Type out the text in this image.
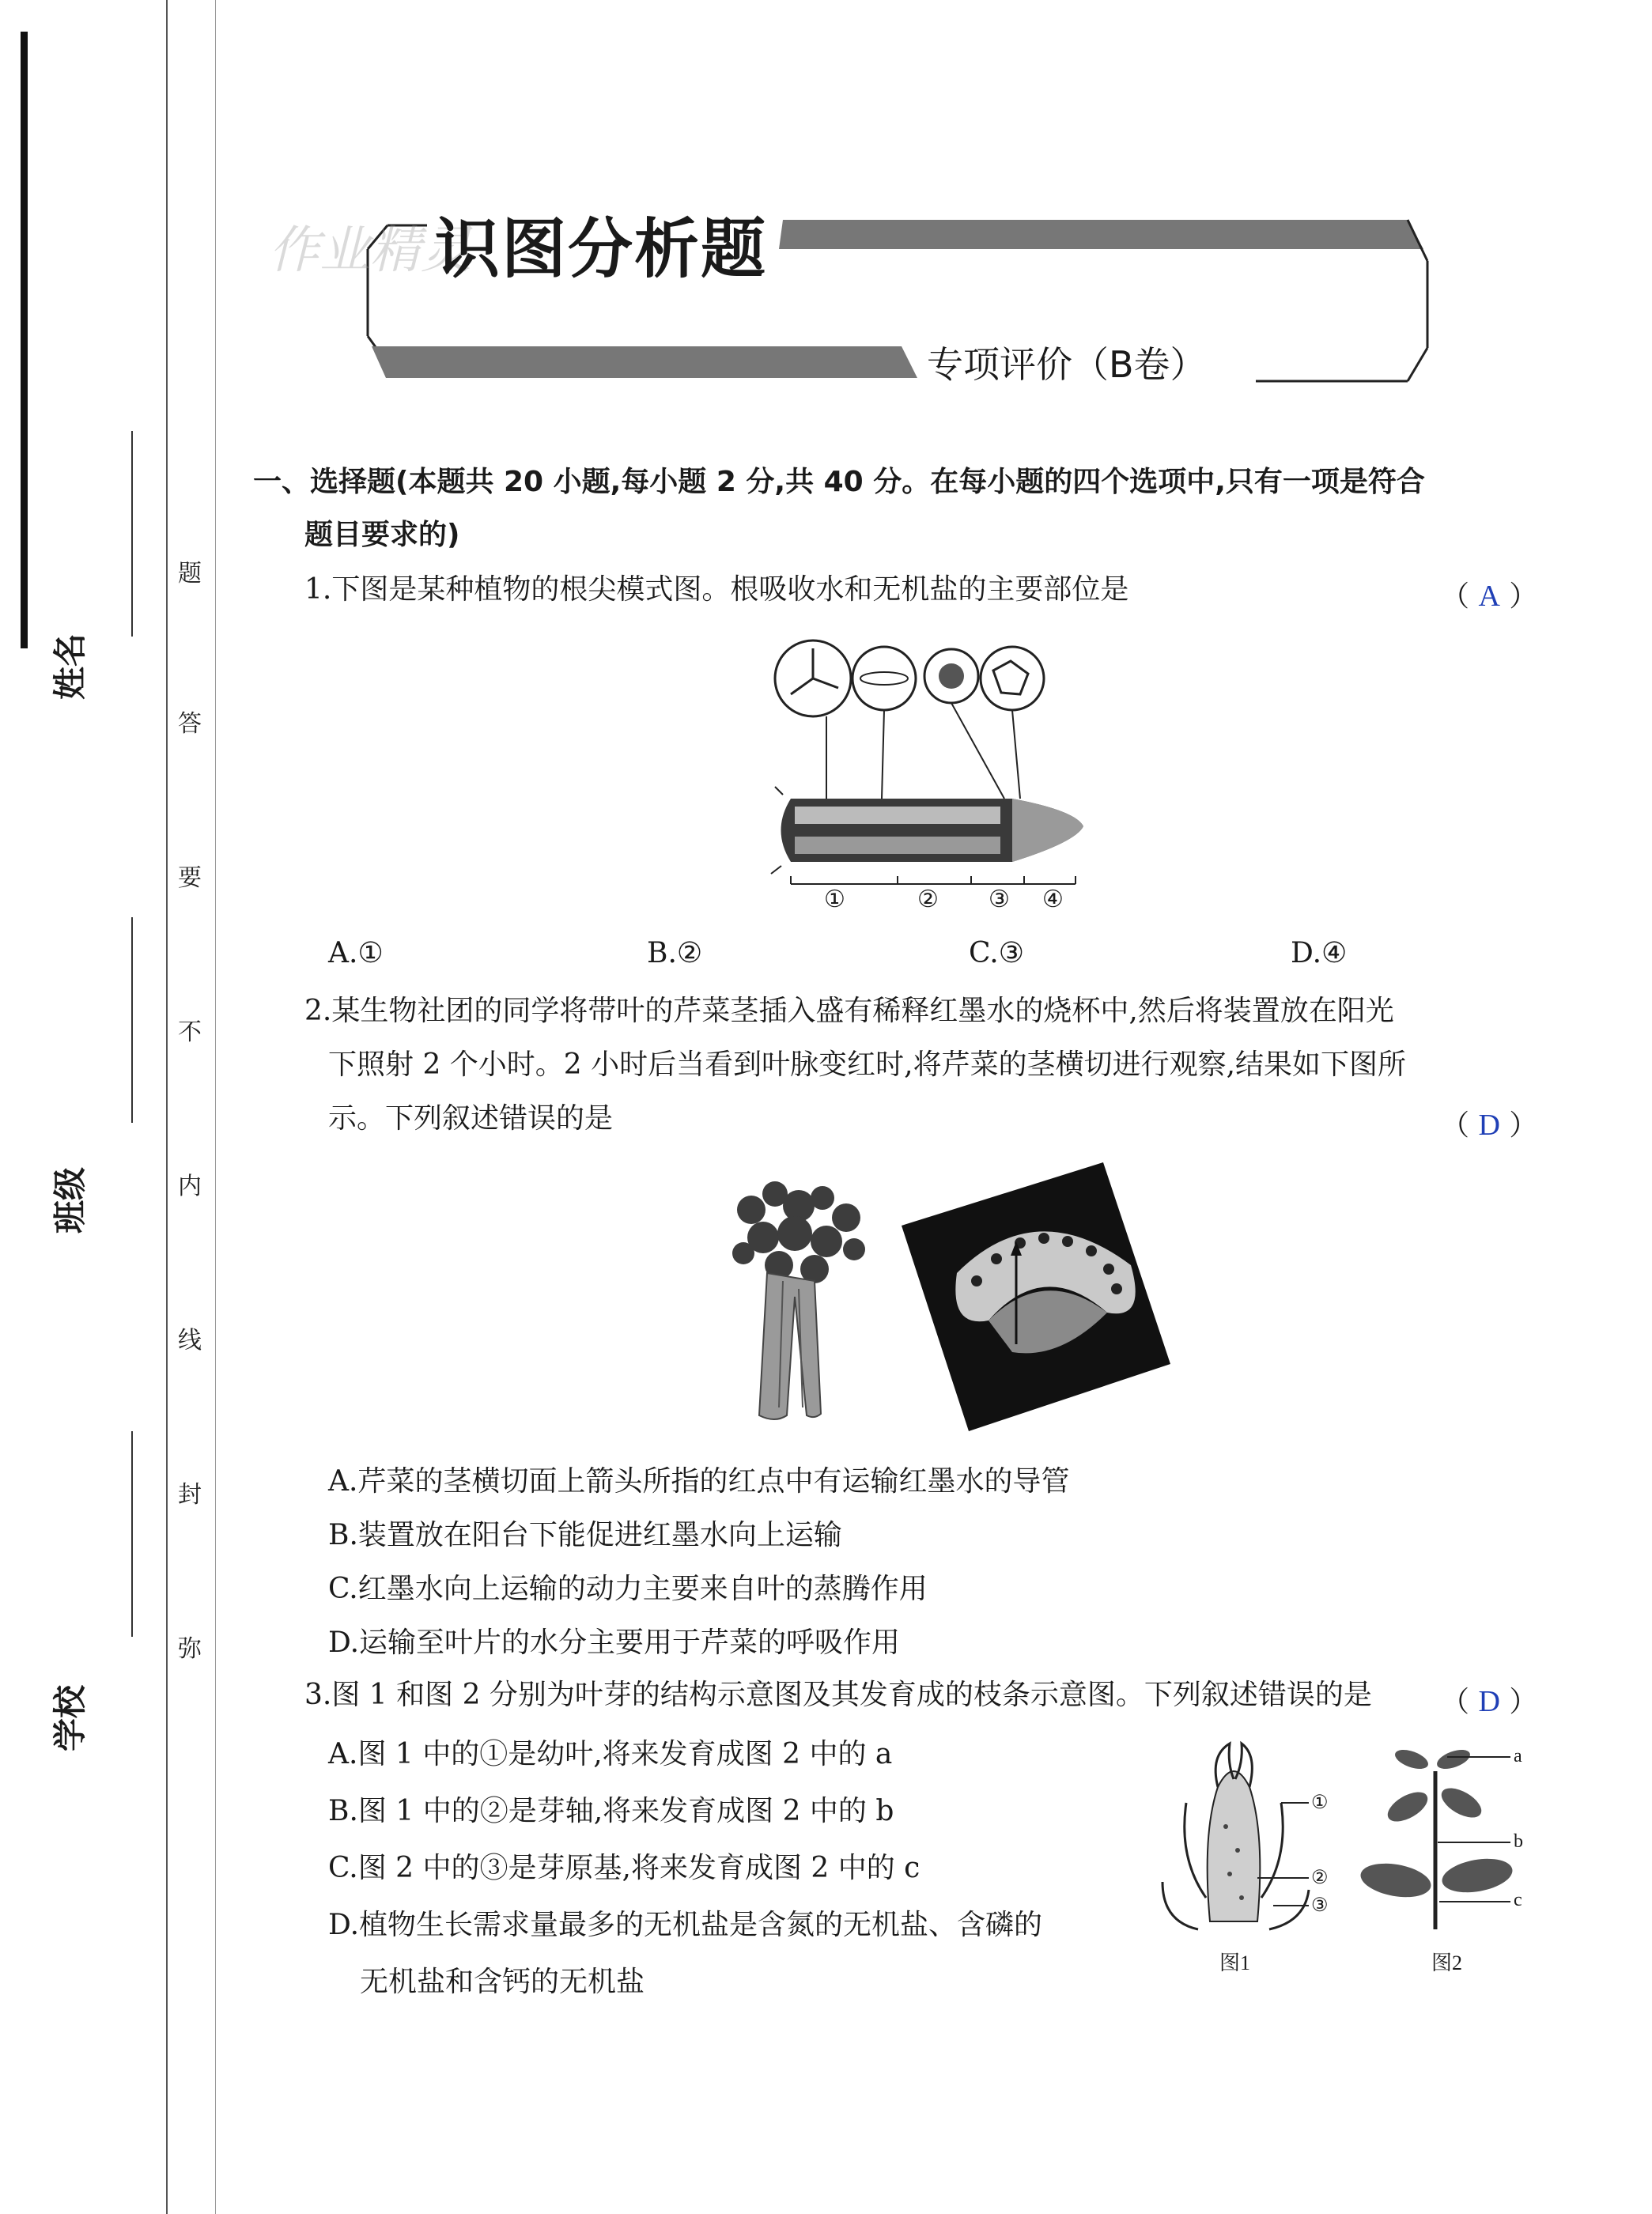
题
答
要
不
内
线
封
弥
姓名
班级
学校
作业精灵
识图分析题
专项评价（B卷）
一、选择题(本题共 20 小题,每小题 2 分,共 40 分。在每小题的四个选项中,只有一项是符合
题目要求的)
1.下图是某种植物的根尖模式图。根吸收水和无机盐的主要部位是	（ A ）
①	② ③ ④
A.①	B.②	C.③	D.④
2.某生物社团的同学将带叶的芹菜茎插入盛有稀释红墨水的烧杯中,然后将装置放在阳光
下照射 2 个小时。2 小时后当看到叶脉变红时,将芹菜的茎横切进行观察,结果如下图所
示。下列叙述错误的是	（ D ）
A.芹菜的茎横切面上箭头所指的红点中有运输红墨水的导管
B.装置放在阳台下能促进红墨水向上运输
C.红墨水向上运输的动力主要来自叶的蒸腾作用
D.运输至叶片的水分主要用于芹菜的呼吸作用
3.图 1 和图 2 分别为叶芽的结构示意图及其发育成的枝条示意图。下列叙述错误的是 （ D ）
A.图 1 中的①是幼叶,将来发育成图 2 中的 a
B.图 1 中的②是芽轴,将来发育成图 2 中的 b
C.图 2 中的③是芽原基,将来发育成图 2 中的 c
D.植物生长需求量最多的无机盐是含氮的无机盐、含磷的
无机盐和含钙的无机盐
①
②
③
图1
a
b
c
图2
